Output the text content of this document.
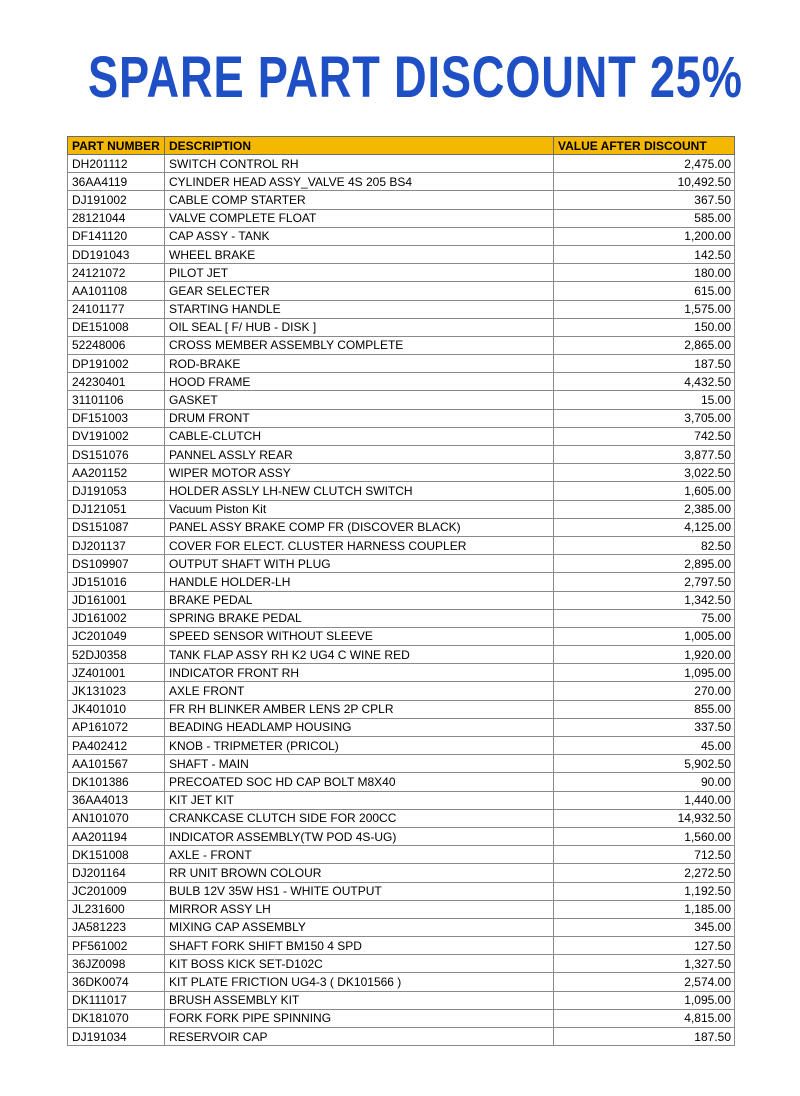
SPARE PART DISCOUNT 25%
PART NUMBER	DESCRIPTION	VALUE AFTER DISCOUNT
DH201112	SWITCH CONTROL RH	2,475.00
36AA4119	CYLINDER HEAD ASSY_VALVE 4S 205 BS4	10,492.50
DJ191002	CABLE COMP STARTER	367.50
28121044	VALVE COMPLETE FLOAT	585.00
DF141120	CAP ASSY - TANK	1,200.00
DD191043	WHEEL BRAKE	142.50
24121072	PILOT JET	180.00
AA101108	GEAR SELECTER	615.00
24101177	STARTING HANDLE	1,575.00
DE151008	OIL SEAL [ F/ HUB - DISK ]	150.00
52248006	CROSS MEMBER ASSEMBLY COMPLETE	2,865.00
DP191002	ROD-BRAKE	187.50
24230401	HOOD FRAME	4,432.50
31101106	GASKET	15.00
DF151003	DRUM FRONT	3,705.00
DV191002	CABLE-CLUTCH	742.50
DS151076	PANNEL ASSLY REAR	3,877.50
AA201152	WIPER MOTOR ASSY	3,022.50
DJ191053	HOLDER ASSLY LH-NEW CLUTCH SWITCH	1,605.00
DJ121051	Vacuum Piston Kit	2,385.00
DS151087	PANEL ASSY BRAKE COMP FR (DISCOVER BLACK)	4,125.00
DJ201137	COVER FOR ELECT. CLUSTER HARNESS COUPLER	82.50
DS109907	OUTPUT SHAFT WITH PLUG	2,895.00
JD151016	HANDLE HOLDER-LH	2,797.50
JD161001	BRAKE PEDAL	1,342.50
JD161002	SPRING BRAKE PEDAL	75.00
JC201049	SPEED SENSOR WITHOUT SLEEVE	1,005.00
52DJ0358	TANK FLAP ASSY RH K2 UG4 C WINE RED	1,920.00
JZ401001	INDICATOR FRONT RH	1,095.00
JK131023	AXLE FRONT	270.00
JK401010	FR RH BLINKER AMBER LENS 2P CPLR	855.00
AP161072	BEADING HEADLAMP HOUSING	337.50
PA402412	KNOB - TRIPMETER (PRICOL)	45.00
AA101567	SHAFT - MAIN	5,902.50
DK101386	PRECOATED SOC HD CAP BOLT M8X40	90.00
36AA4013	KIT JET KIT	1,440.00
AN101070	CRANKCASE CLUTCH SIDE FOR 200CC	14,932.50
AA201194	INDICATOR ASSEMBLY(TW POD 4S-UG)	1,560.00
DK151008	AXLE - FRONT	712.50
DJ201164	RR UNIT BROWN COLOUR	2,272.50
JC201009	BULB 12V 35W HS1 - WHITE OUTPUT	1,192.50
JL231600	MIRROR ASSY LH	1,185.00
JA581223	MIXING CAP ASSEMBLY	345.00
PF561002	SHAFT FORK SHIFT BM150 4 SPD	127.50
36JZ0098	KIT BOSS KICK SET-D102C	1,327.50
36DK0074	KIT PLATE FRICTION UG4-3 ( DK101566 )	2,574.00
DK111017	BRUSH ASSEMBLY KIT	1,095.00
DK181070	FORK FORK PIPE SPINNING	4,815.00
DJ191034	RESERVOIR CAP	187.50
